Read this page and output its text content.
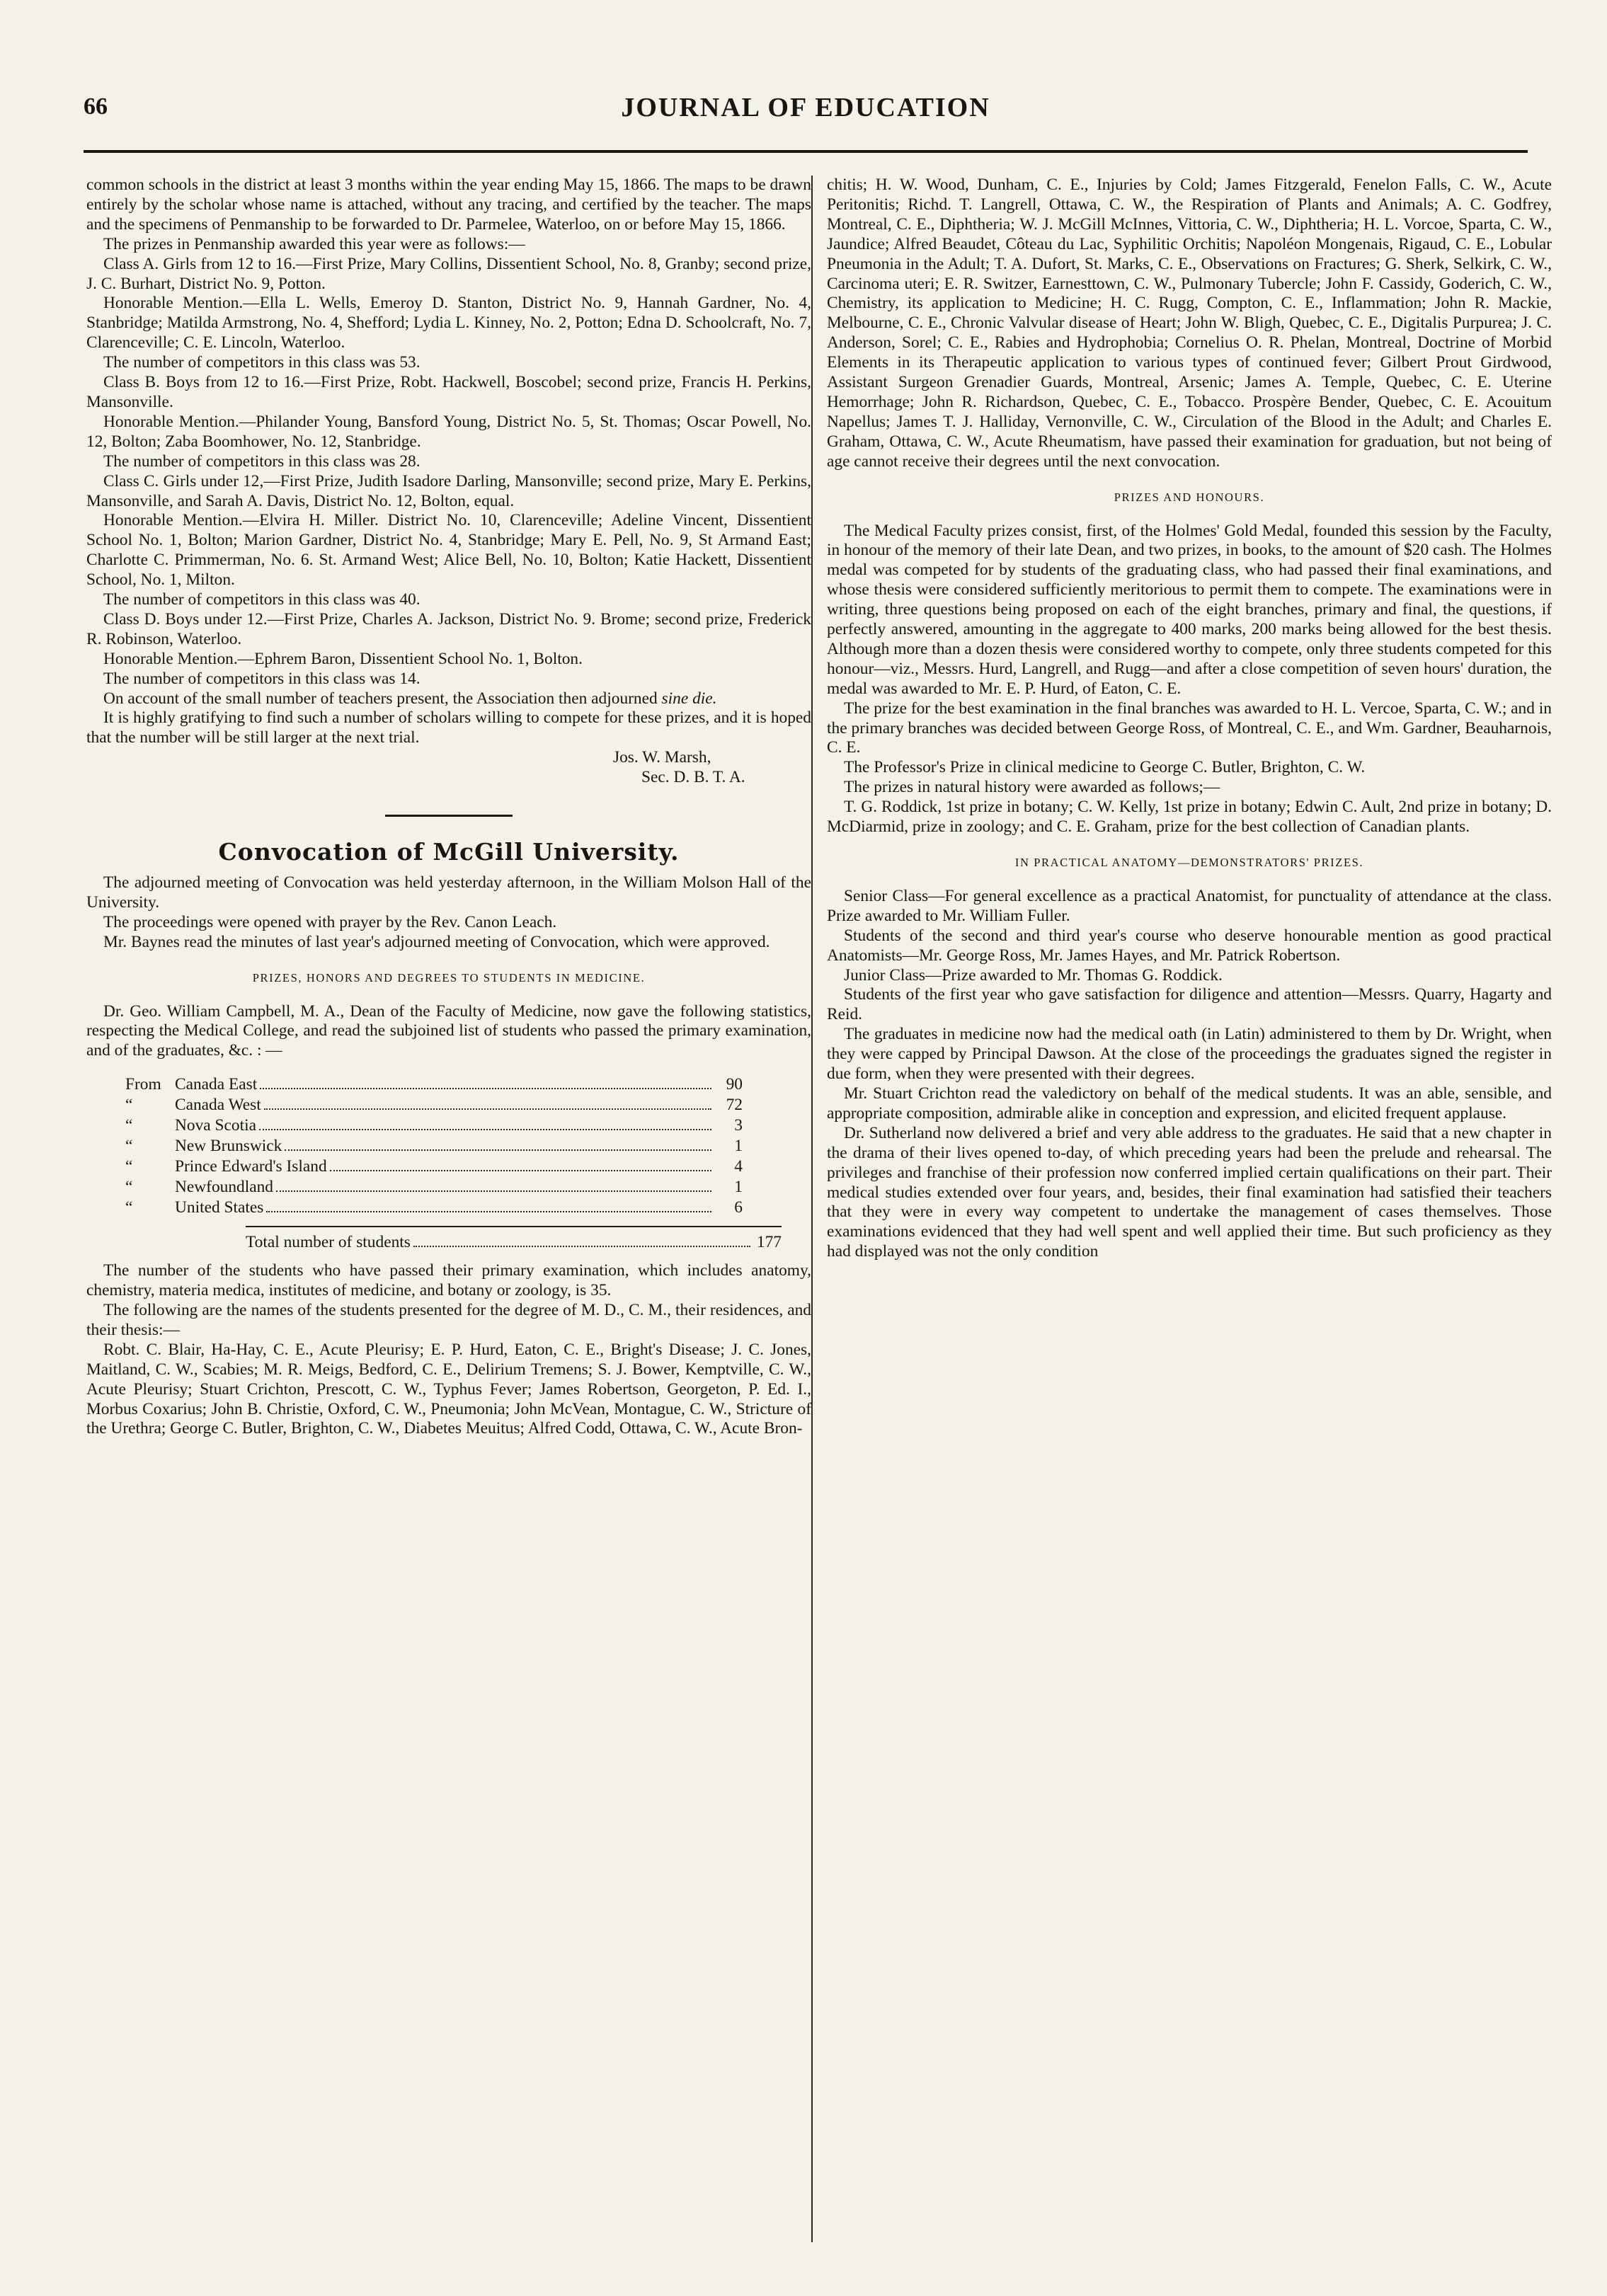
JOURNAL OF EDUCATION
66

common schools in the district at least 3 months within the year ending May 15, 1866. The maps to be drawn entirely by the scholar whose name is attached, without any tracing, and certified by the teacher. The maps and the specimens of Penmanship to be forwarded to Dr. Parmelee, Waterloo, on or before May 15, 1866.

The prizes in Penmanship awarded this year were as follows:—

Class A. Girls from 12 to 16.—First Prize, Mary Collins, Dissentient School, No. 8, Granby; second prize, J. C. Burhart, District No. 9, Potton.

Honorable Mention.—Ella L. Wells, Emeroy D. Stanton, District No. 9, Hannah Gardner, No. 4, Stanbridge; Matilda Armstrong, No. 4, Shefford; Lydia L. Kinney, No. 2, Potton; Edna D. Schoolcraft, No. 7, Clarenceville; C. E. Lincoln, Waterloo.

The number of competitors in this class was 53.

Class B. Boys from 12 to 16.—First Prize, Robt. Hackwell, Boscobel; second prize, Francis H. Perkins, Mansonville.

Honorable Mention.—Philander Young, Bansford Young, District No. 5, St. Thomas; Oscar Powell, No. 12, Bolton; Zaba Boomhower, No. 12, Stanbridge.

The number of competitors in this class was 28.

Class C. Girls under 12,—First Prize, Judith Isadore Darling, Mansonville; second prize, Mary E. Perkins, Mansonville, and Sarah A. Davis, District No. 12, Bolton, equal.

Honorable Mention.—Elvira H. Miller. District No. 10, Clarenceville; Adeline Vincent, Dissentient School No. 1, Bolton; Marion Gardner, District No. 4, Stanbridge; Mary E. Pell, No. 9, St Armand East; Charlotte C. Primmerman, No. 6. St. Armand West; Alice Bell, No. 10, Bolton; Katie Hackett, Dissentient School, No. 1, Milton.

The number of competitors in this class was 40.

Class D. Boys under 12.—First Prize, Charles A. Jackson, District No. 9. Brome; second prize, Frederick R. Robinson, Waterloo.

Honorable Mention.—Ephrem Baron, Dissentient School No. 1, Bolton.

The number of competitors in this class was 14.

On account of the small number of teachers present, the Association then adjourned sine die.

It is highly gratifying to find such a number of scholars willing to compete for these prizes, and it is hoped that the number will be still larger at the next trial.

Jos. W. Marsh,

Sec. D. B. T. A.

Convocation of McGill University.

The adjourned meeting of Convocation was held yesterday afternoon, in the William Molson Hall of the University.

The proceedings were opened with prayer by the Rev. Canon Leach.

Mr. Baynes read the minutes of last year's adjourned meeting of Convocation, which were approved.

PRIZES, HONORS AND DEGREES TO STUDENTS IN MEDICINE.

Dr. Geo. William Campbell, M. A., Dean of the Faculty of Medicine, now gave the following statistics, respecting the Medical College, and read the subjoined list of students who passed the primary examination, and of the graduates, &c. : —

From Canada East	90
“	Canada West	72
“	Nova Scotia	3
“	New Brunswick	1
“	Prince Edward's Island	4
“	Newfoundland	1
“	United States	6
Total number of students	177

The number of the students who have passed their primary examination, which includes anatomy, chemistry, materia medica, institutes of medicine, and botany or zoology, is 35.

The following are the names of the students presented for the degree of M. D., C. M., their residences, and their thesis:—

Robt. C. Blair, Ha-Hay, C. E., Acute Pleurisy; E. P. Hurd, Eaton, C. E., Bright's Disease; J. C. Jones, Maitland, C. W., Scabies; M. R. Meigs, Bedford, C. E., Delirium Tremens; S. J. Bower, Kemptville, C. W., Acute Pleurisy; Stuart Crichton, Prescott, C. W., Typhus Fever; James Robertson, Georgeton, P. Ed. I., Morbus Coxarius; John B. Christie, Oxford, C. W., Pneumonia; John McVean, Montague, C. W., Stricture of the Urethra; George C. Butler, Brighton, C. W., Diabetes Meuitus; Alfred Codd, Ottawa, C. W., Acute Bron-

chitis; H. W. Wood, Dunham, C. E., Injuries by Cold; James Fitzgerald, Fenelon Falls, C. W., Acute Peritonitis; Richd. T. Langrell, Ottawa, C. W., the Respiration of Plants and Animals; A. C. Godfrey, Montreal, C. E., Diphtheria; W. J. McGill McInnes, Vittoria, C. W., Diphtheria; H. L. Vorcoe, Sparta, C. W., Jaundice; Alfred Beaudet, Côteau du Lac, Syphilitic Orchitis; Napoléon Mongenais, Rigaud, C. E., Lobular Pneumonia in the Adult; T. A. Dufort, St. Marks, C. E., Observations on Fractures; G. Sherk, Selkirk, C. W., Carcinoma uteri; E. R. Switzer, Earnesttown, C. W., Pulmonary Tubercle; John F. Cassidy, Goderich, C. W., Chemistry, its application to Medicine; H. C. Rugg, Compton, C. E., Inflammation; John R. Mackie, Melbourne, C. E., Chronic Valvular disease of Heart; John W. Bligh, Quebec, C. E., Digitalis Purpurea; J. C. Anderson, Sorel; C. E., Rabies and Hydrophobia; Cornelius O. R. Phelan, Montreal, Doctrine of Morbid Elements in its Therapeutic application to various types of continued fever; Gilbert Prout Girdwood, Assistant Surgeon Grenadier Guards, Montreal, Arsenic; James A. Temple, Quebec, C. E. Uterine Hemorrhage; John R. Richardson, Quebec, C. E., Tobacco. Prospère Bender, Quebec, C. E. Acouitum Napellus; James T. J. Halliday, Vernonville, C. W., Circulation of the Blood in the Adult; and Charles E. Graham, Ottawa, C. W., Acute Rheumatism, have passed their examination for graduation, but not being of age cannot receive their degrees until the next convocation.

PRIZES AND HONOURS.

The Medical Faculty prizes consist, first, of the Holmes' Gold Medal, founded this session by the Faculty, in honour of the memory of their late Dean, and two prizes, in books, to the amount of $20 cash. The Holmes medal was competed for by students of the graduating class, who had passed their final examinations, and whose thesis were considered sufficiently meritorious to permit them to compete. The examinations were in writing, three questions being proposed on each of the eight branches, primary and final, the questions, if perfectly answered, amounting in the aggregate to 400 marks, 200 marks being allowed for the best thesis. Although more than a dozen thesis were considered worthy to compete, only three students competed for this honour—viz., Messrs. Hurd, Langrell, and Rugg—and after a close competition of seven hours' duration, the medal was awarded to Mr. E. P. Hurd, of Eaton, C. E.

The prize for the best examination in the final branches was awarded to H. L. Vercoe, Sparta, C. W.; and in the primary branches was decided between George Ross, of Montreal, C. E., and Wm. Gardner, Beauharnois, C. E.

The Professor's Prize in clinical medicine to George C. Butler, Brighton, C. W.

The prizes in natural history were awarded as follows;—

T. G. Roddick, 1st prize in botany; C. W. Kelly, 1st prize in botany; Edwin C. Ault, 2nd prize in botany; D. McDiarmid, prize in zoology; and C. E. Graham, prize for the best collection of Canadian plants.

IN PRACTICAL ANATOMY—DEMONSTRATORS' PRIZES.

Senior Class—For general excellence as a practical Anatomist, for punctuality of attendance at the class. Prize awarded to Mr. William Fuller.

Students of the second and third year's course who deserve honourable mention as good practical Anatomists—Mr. George Ross, Mr. James Hayes, and Mr. Patrick Robertson.

Junior Class—Prize awarded to Mr. Thomas G. Roddick.

Students of the first year who gave satisfaction for diligence and attention—Messrs. Quarry, Hagarty and Reid.

The graduates in medicine now had the medical oath (in Latin) administered to them by Dr. Wright, when they were capped by Principal Dawson. At the close of the proceedings the graduates signed the register in due form, when they were presented with their degrees.

Mr. Stuart Crichton read the valedictory on behalf of the medical students. It was an able, sensible, and appropriate composition, admirable alike in conception and expression, and elicited frequent applause.

Dr. Sutherland now delivered a brief and very able address to the graduates. He said that a new chapter in the drama of their lives opened to-day, of which preceding years had been the prelude and rehearsal. The privileges and franchise of their profession now conferred implied certain qualifications on their part. Their medical studies extended over four years, and, besides, their final examination had satisfied their teachers that they were in every way competent to undertake the management of cases themselves. Those examinations evidenced that they had well spent and well applied their time. But such proficiency as they had displayed was not the only condition
